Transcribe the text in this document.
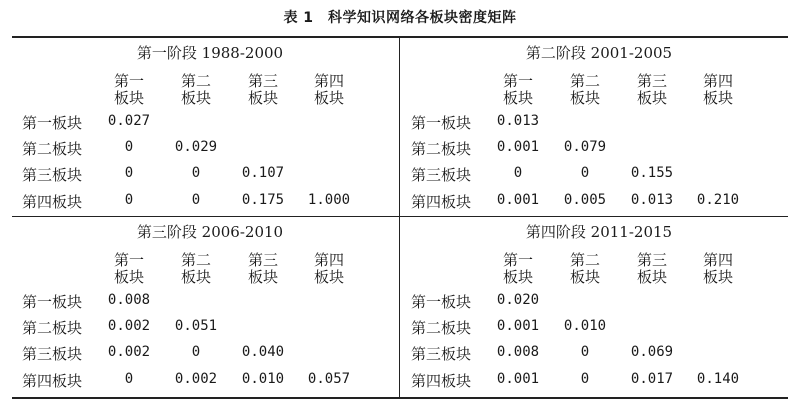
表 1　科学知识网络各板块密度矩阵
第一阶段 1988-2000
第一
板块
第二
板块
第三
板块
第四
板块
第一板块	0.027
第二板块	0	0.029
第三板块	0	0	0.107
第四板块	0	0	0.175	1.000
第二阶段 2001-2005
第一
板块
第二
板块
第三
板块
第四
板块
第一板块	0.013
第二板块	0.001	0.079
第三板块	0	0	0.155
第四板块	0.001	0.005	0.013	0.210
第三阶段 2006-2010
第一
板块
第二
板块
第三
板块
第四
板块
第一板块	0.008
第二板块	0.002	0.051
第三板块	0.002	0	0.040
第四板块	0	0.002	0.010	0.057
第四阶段 2011-2015
第一
板块
第二
板块
第三
板块
第四
板块
第一板块	0.020
第二板块	0.001	0.010
第三板块	0.008	0	0.069
第四板块	0.001	0	0.017	0.140
